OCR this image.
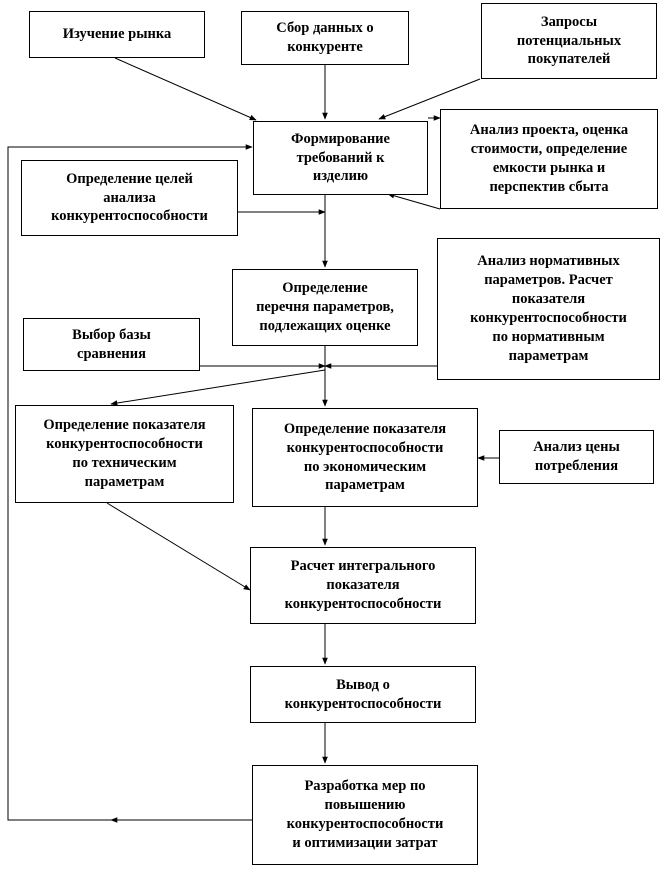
Изучение рынка	Сбор данных о
конкуренте
Запросы
потенциальных
покупателей
Формирование
требований к
изделию
Анализ проекта, оценка
стоимости, определение
емкости рынка и
перспектив сбыта
Определение целей
анализа
конкурентоспособности
Определение
перечня параметров,
подлежащих оценке
Анализ нормативных
параметров. Расчет
показателя
конкурентоспособности
по нормативным
параметрам
Выбор базы
сравнения
Определение показателя
конкурентоспособности
по техническим
параметрам
Определение показателя
конкурентоспособности
по экономическим
параметрам
Анализ цены
потребления
Расчет интегрального
показателя
конкурентоспособности
Вывод о
конкурентоспособности
Разработка мер по
повышению
конкурентоспособности
и оптимизации затрат
